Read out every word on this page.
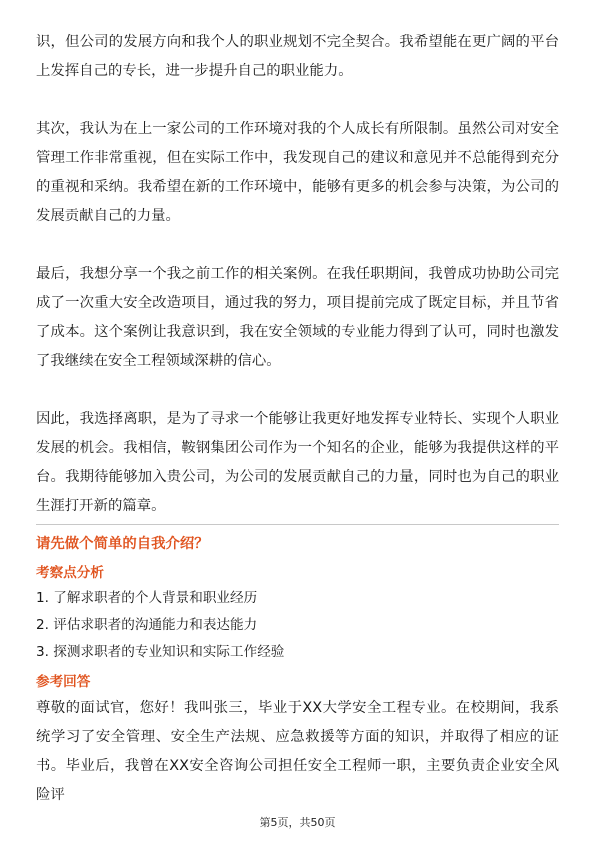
识，但公司的发展方向和我个人的职业规划不完全契合。我希望能在更广阔的平台上发挥自己的专长，进一步提升自己的职业能力。

其次，我认为在上一家公司的工作环境对我的个人成长有所限制。虽然公司对安全管理工作非常重视，但在实际工作中，我发现自己的建议和意见并不总能得到充分的重视和采纳。我希望在新的工作环境中，能够有更多的机会参与决策，为公司的发展贡献自己的力量。

最后，我想分享一个我之前工作的相关案例。在我任职期间，我曾成功协助公司完成了一次重大安全改造项目，通过我的努力，项目提前完成了既定目标，并且节省了成本。这个案例让我意识到，我在安全领域的专业能力得到了认可，同时也激发了我继续在安全工程领域深耕的信心。

因此，我选择离职，是为了寻求一个能够让我更好地发挥专业特长、实现个人职业发展的机会。我相信，鞍钢集团公司作为一个知名的企业，能够为我提供这样的平台。我期待能够加入贵公司，为公司的发展贡献自己的力量，同时也为自己的职业生涯打开新的篇章。

请先做个简单的自我介绍？

考察点分析

1. 了解求职者的个人背景和职业经历

2. 评估求职者的沟通能力和表达能力

3. 探测求职者的专业知识和实际工作经验

参考回答

尊敬的面试官，您好！我叫张三，毕业于XX大学安全工程专业。在校期间，我系统学习了安全管理、安全生产法规、应急救援等方面的知识，并取得了相应的证书。毕业后，我曾在XX安全咨询公司担任安全工程师一职，主要负责企业安全风险评

第5页，共50页
